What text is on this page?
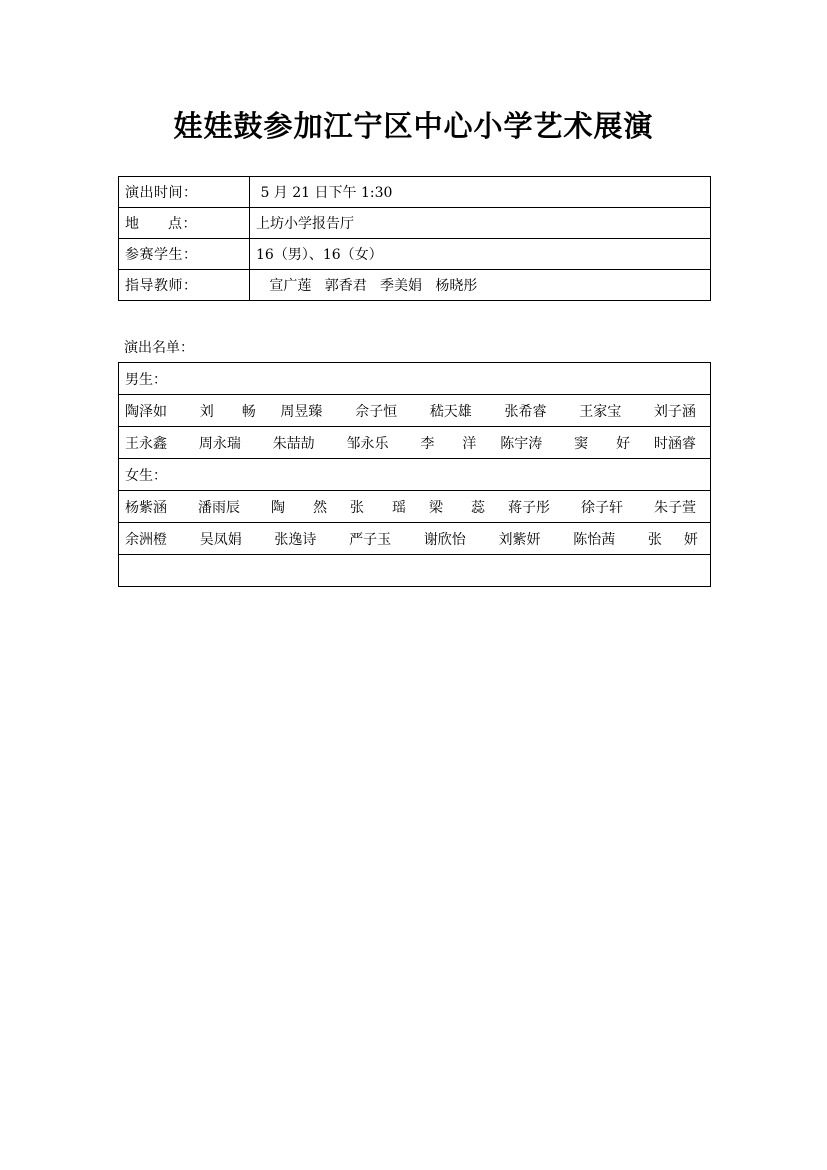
娃娃鼓参加江宁区中心小学艺术展演
演出时间：	5 月 21 日下午 1:30

地 点：	上坊小学报告厅
参赛学生：	16（男）、16（女）
指导教师：	宣广莲   郭香君   季美娟   杨晓彤
演出名单：
男生：

陶泽如	刘 畅 周昱臻	佘子恒	嵇天雄	张希睿	王家宝	刘子涵

王永鑫	周永瑞	朱喆劼	邹永乐	李 洋 陈宇涛	窦 好 时涵睿

女生：

杨紫涵	潘雨辰	陶 然 张 瑶 梁 蕊 蒋子彤	徐子轩	朱子萱

余洲橙	吴凤娟	张逸诗	严子玉	谢欣怡	刘紫妍	陈怡茜	张 妍
